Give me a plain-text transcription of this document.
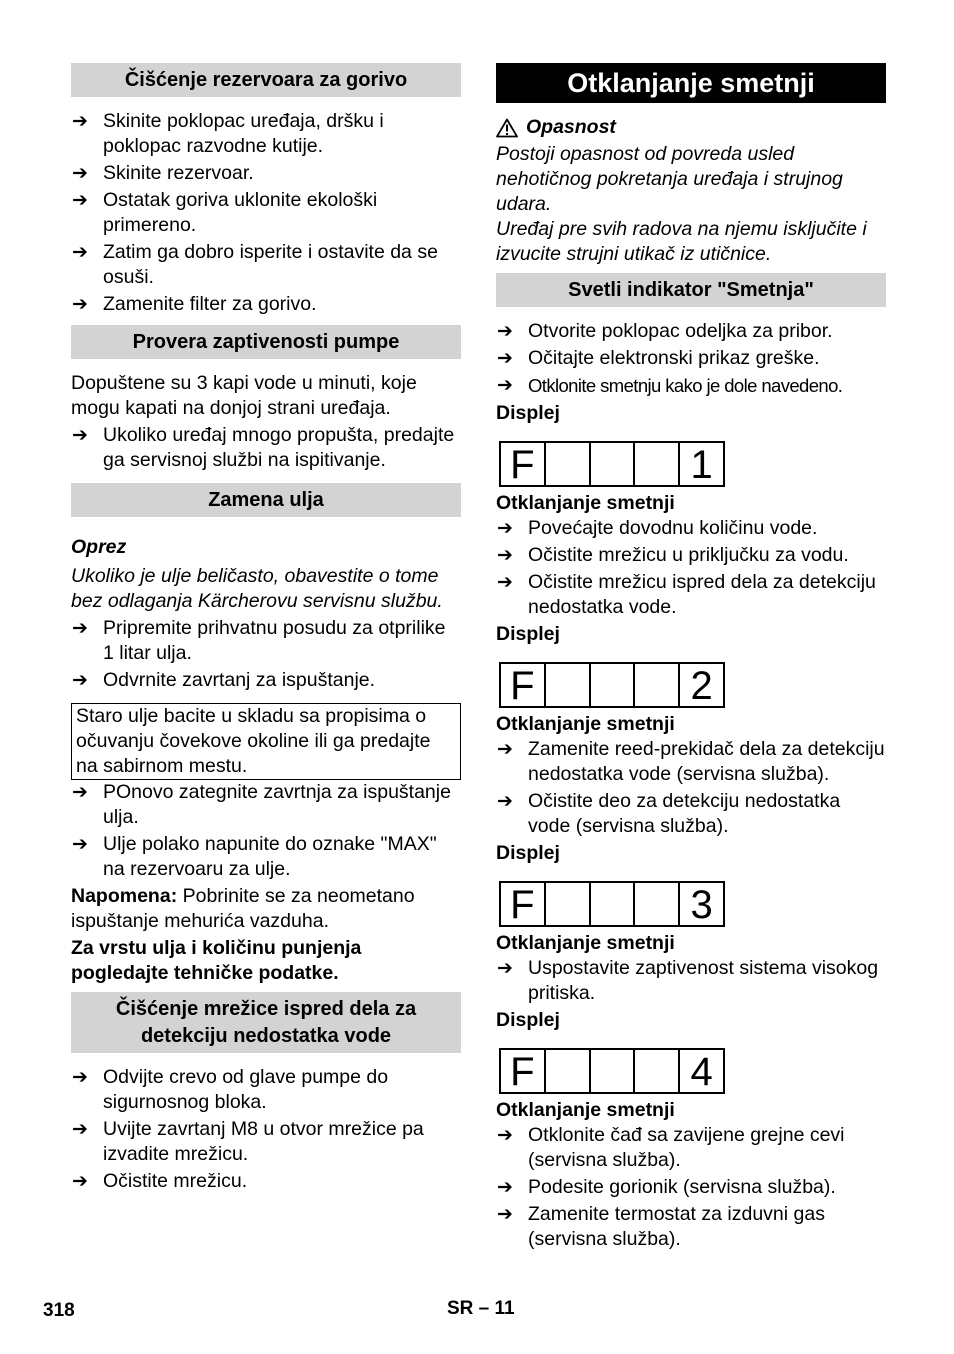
Čišćenje rezervoara za gorivo
➔ Skinite poklopac uređaja, dršku i poklopac razvodne kutije.
➔ Skinite rezervoar.
➔ Ostatak goriva uklonite ekološki primereno.
➔ Zatim ga dobro isperite i ostavite da se osuši.
➔ Zamenite filter za gorivo.
Provera zaptivenosti pumpe
Dopuštene su 3 kapi vode u minuti, koje mogu kapati na donjoj strani uređaja.
➔ Ukoliko uređaj mnogo propušta, predajte ga servisnoj službi na ispitivanje.
Zamena ulja
Oprez
Ukoliko je ulje beličasto, obavestite o tome bez odlaganja Kärcherovu servisnu službu.
➔ Pripremite prihvatnu posudu za otprilike 1 litar ulja.
➔ Odvrnite zavrtanj za ispuštanje.
Staro ulje bacite u skladu sa propisima o očuvanju čovekove okoline ili ga predajte na sabirnom mestu.
➔ POnovo zategnite zavrtnja za ispuštanje ulja.
➔ Ulje polako napunite do oznake "MAX" na rezervoaru za ulje.
Napomena: Pobrinite se za neometano ispuštanje mehurića vazduha.
Za vrstu ulja i količinu punjenja pogledajte tehničke podatke.
Čišćenje mrežice ispred dela za
detekciju nedostatka vode
➔ Odvijte crevo od glave pumpe do sigurnosnog bloka.
➔ Uvijte zavrtanj M8 u otvor mrežice pa izvadite mrežicu.
➔ Očistite mrežicu.
Otklanjanje smetnji
Opasnost
Postoji opasnost od povreda usled nehotičnog pokretanja uređaja i strujnog udara.
Uređaj pre svih radova na njemu isključite i izvucite strujni utikač iz utičnice.
Svetli indikator "Smetnja"
➔ Otvorite poklopac odeljka za pribor.
➔ Očitajte elektronski prikaz greške.
➔ Otklonite smetnju kako je dole navedeno.
Displej
F	1
Otklanjanje smetnji
➔ Povećajte dovodnu količinu vode.
➔ Očistite mrežicu u priključku za vodu.
➔ Očistite mrežicu ispred dela za detekciju nedostatka vode.
Displej
F	2
Otklanjanje smetnji
➔ Zamenite reed-prekidač dela za detekciju nedostatka vode (servisna služba).
➔ Očistite deo za detekciju nedostatka vode (servisna služba).
Displej
F	3
Otklanjanje smetnji
➔ Uspostavite zaptivenost sistema visokog pritiska.
Displej
F	4
Otklanjanje smetnji
➔ Otklonite čađ sa zavijene grejne cevi (servisna služba).
➔ Podesite gorionik (servisna služba).
➔ Zamenite termostat za izduvni gas (servisna služba).
318	SR – 11
